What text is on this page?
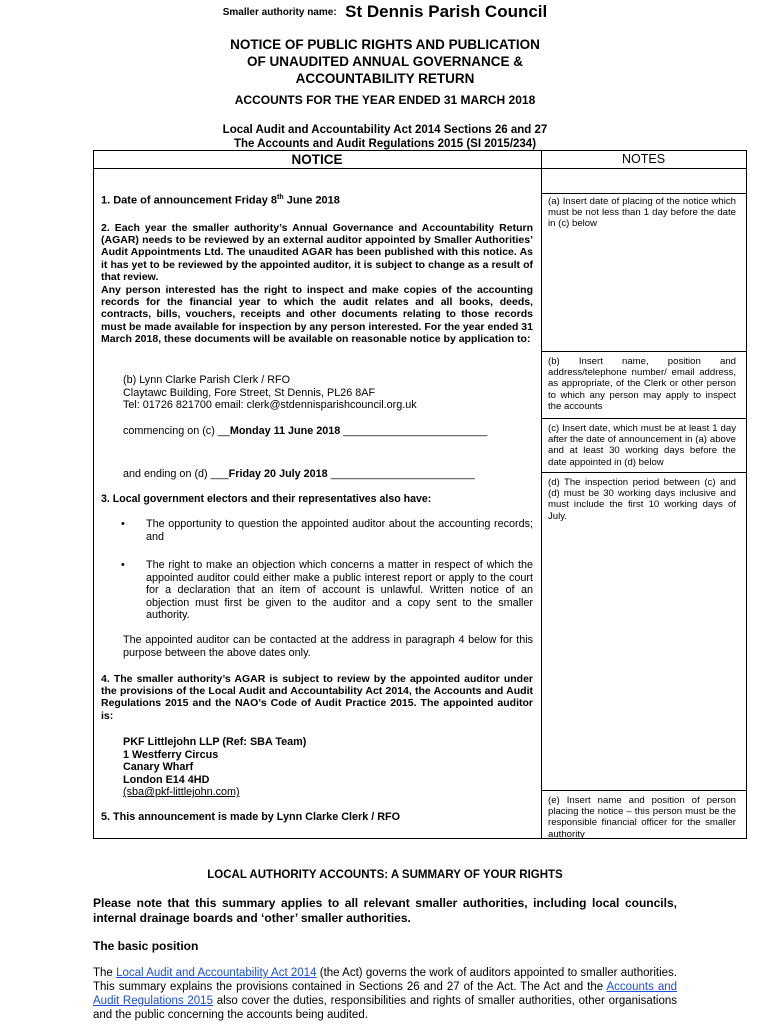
Smaller authority name: St Dennis Parish Council
NOTICE OF PUBLIC RIGHTS AND PUBLICATION
OF UNAUDITED ANNUAL GOVERNANCE &
ACCOUNTABILITY RETURN
ACCOUNTS FOR THE YEAR ENDED 31 MARCH 2018
Local Audit and Accountability Act 2014 Sections 26 and 27
The Accounts and Audit Regulations 2015 (SI 2015/234)
NOTICE	NOTES
1. Date of announcement Friday 8th June 2018
2. Each year the smaller authority’s Annual Governance and Accountability Return (AGAR) needs to be reviewed by an external auditor appointed by Smaller Authorities’ Audit Appointments Ltd. The unaudited AGAR has been published with this notice. As it has yet to be reviewed by the appointed auditor, it is subject to change as a result of that review.
Any person interested has the right to inspect and make copies of the accounting records for the financial year to which the audit relates and all books, deeds, contracts, bills, vouchers, receipts and other documents relating to those records must be made available for inspection by any person interested. For the year ended 31 March 2018, these documents will be available on reasonable notice by application to:
(b) Lynn Clarke Parish Clerk / RFO
Claytawc Building, Fore Street, St Dennis, PL26 8AF
Tel: 01726 821700 email: clerk@stdennisparishcouncil.org.uk
commencing on (c) __Monday 11 June 2018 ________________________
and ending on (d) ___Friday 20 July 2018 ________________________
3. Local government electors and their representatives also have:
• The opportunity to question the appointed auditor about the accounting records; and
• The right to make an objection which concerns a matter in respect of which the appointed auditor could either make a public interest report or apply to the court for a declaration that an item of account is unlawful. Written notice of an objection must first be given to the auditor and a copy sent to the smaller authority.
The appointed auditor can be contacted at the address in paragraph 4 below for this purpose between the above dates only.
4. The smaller authority’s AGAR is subject to review by the appointed auditor under the provisions of the Local Audit and Accountability Act 2014, the Accounts and Audit Regulations 2015 and the NAO’s Code of Audit Practice 2015. The appointed auditor is:
PKF Littlejohn LLP (Ref: SBA Team)
1 Westferry Circus
Canary Wharf
London E14 4HD
(sba@pkf-littlejohn.com)
5. This announcement is made by Lynn Clarke Clerk / RFO
(a) Insert date of placing of the notice which must be not less than 1 day before the date in (c) below
(b) Insert name, position and address/telephone number/ email address, as appropriate, of the Clerk or other person to which any person may apply to inspect the accounts
(c) Insert date, which must be at least 1 day after the date of announcement in (a) above and at least 30 working days before the date appointed in (d) below
(d) The inspection period between (c) and (d) must be 30 working days inclusive and must include the first 10 working days of July.
(e) Insert name and position of person placing the notice – this person must be the responsible financial officer for the smaller authority
LOCAL AUTHORITY ACCOUNTS: A SUMMARY OF YOUR RIGHTS
Please note that this summary applies to all relevant smaller authorities, including local councils, internal drainage boards and ‘other’ smaller authorities.
The basic position
The Local Audit and Accountability Act 2014 (the Act) governs the work of auditors appointed to smaller authorities. This summary explains the provisions contained in Sections 26 and 27 of the Act. The Act and the Accounts and Audit Regulations 2015 also cover the duties, responsibilities and rights of smaller authorities, other organisations and the public concerning the accounts being audited.
